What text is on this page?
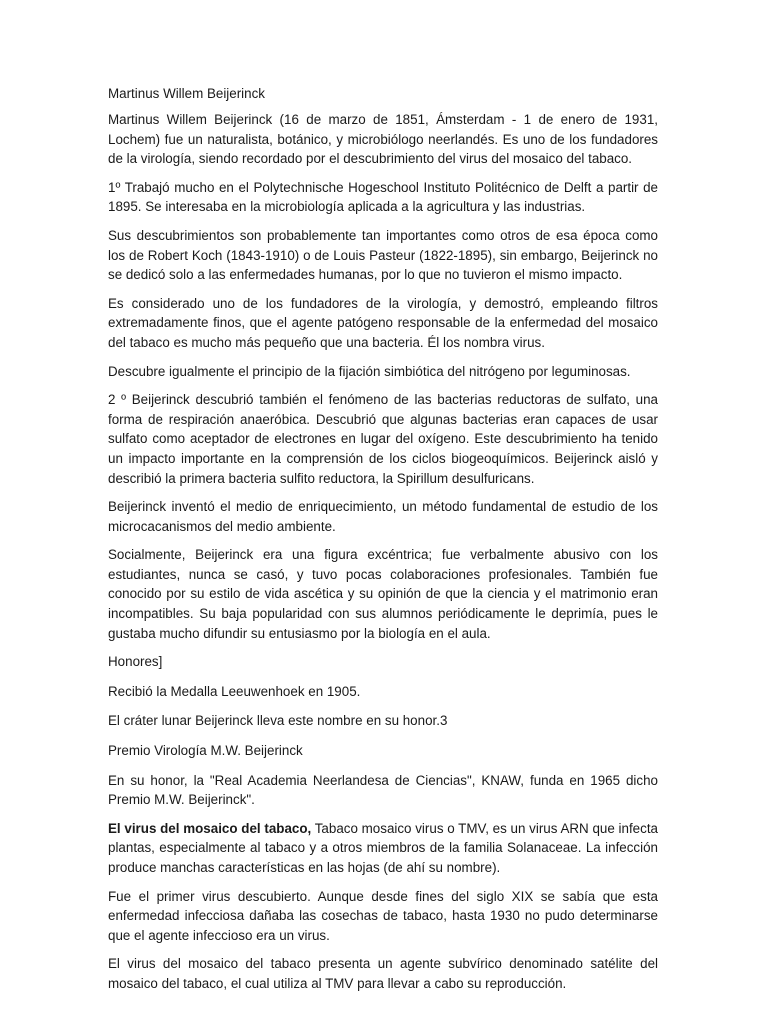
Martinus Willem Beijerinck

Martinus Willem Beijerinck (16 de marzo de 1851, Ámsterdam - 1 de enero de 1931, Lochem) fue un naturalista, botánico, y microbiólogo neerlandés. Es uno de los fundadores de la virología, siendo recordado por el descubrimiento del virus del mosaico del tabaco.

1º Trabajó mucho en el Polytechnische Hogeschool Instituto Politécnico de Delft a partir de 1895. Se interesaba en la microbiología aplicada a la agricultura y las industrias.

Sus descubrimientos son probablemente tan importantes como otros de esa época como los de Robert Koch (1843-1910) o de Louis Pasteur (1822-1895), sin embargo, Beijerinck no se dedicó solo a las enfermedades humanas, por lo que no tuvieron el mismo impacto.

Es considerado uno de los fundadores de la virología, y demostró, empleando filtros extremadamente finos, que el agente patógeno responsable de la enfermedad del mosaico del tabaco es mucho más pequeño que una bacteria. Él los nombra virus.

Descubre igualmente el principio de la fijación simbiótica del nitrógeno por leguminosas.

2 º Beijerinck descubrió también el fenómeno de las bacterias reductoras de sulfato, una forma de respiración anaeróbica. Descubrió que algunas bacterias eran capaces de usar sulfato como aceptador de electrones en lugar del oxígeno. Este descubrimiento ha tenido un impacto importante en la comprensión de los ciclos biogeoquímicos. Beijerinck aisló y describió la primera bacteria sulfito reductora, la Spirillum desulfuricans.

Beijerinck inventó el medio de enriquecimiento, un método fundamental de estudio de los microcacanismos del medio ambiente.

Socialmente, Beijerinck era una figura excéntrica; fue verbalmente abusivo con los estudiantes, nunca se casó, y tuvo pocas colaboraciones profesionales. También fue conocido por su estilo de vida ascética y su opinión de que la ciencia y el matrimonio eran incompatibles. Su baja popularidad con sus alumnos periódicamente le deprimía, pues le gustaba mucho difundir su entusiasmo por la biología en el aula.

Honores]

Recibió la Medalla Leeuwenhoek en 1905.

El cráter lunar Beijerinck lleva este nombre en su honor.3

Premio Virología M.W. Beijerinck

En su honor, la "Real Academia Neerlandesa de Ciencias", KNAW, funda en 1965 dicho Premio M.W. Beijerinck".

El virus del mosaico del tabaco, Tabaco mosaico virus o TMV, es un virus ARN que infecta plantas, especialmente al tabaco y a otros miembros de la familia Solanaceae. La infección produce manchas características en las hojas (de ahí su nombre).

Fue el primer virus descubierto. Aunque desde fines del siglo XIX se sabía que esta enfermedad infecciosa dañaba las cosechas de tabaco, hasta 1930 no pudo determinarse que el agente infeccioso era un virus.

El virus del mosaico del tabaco presenta un agente subvírico denominado satélite del mosaico del tabaco, el cual utiliza al TMV para llevar a cabo su reproducción.
